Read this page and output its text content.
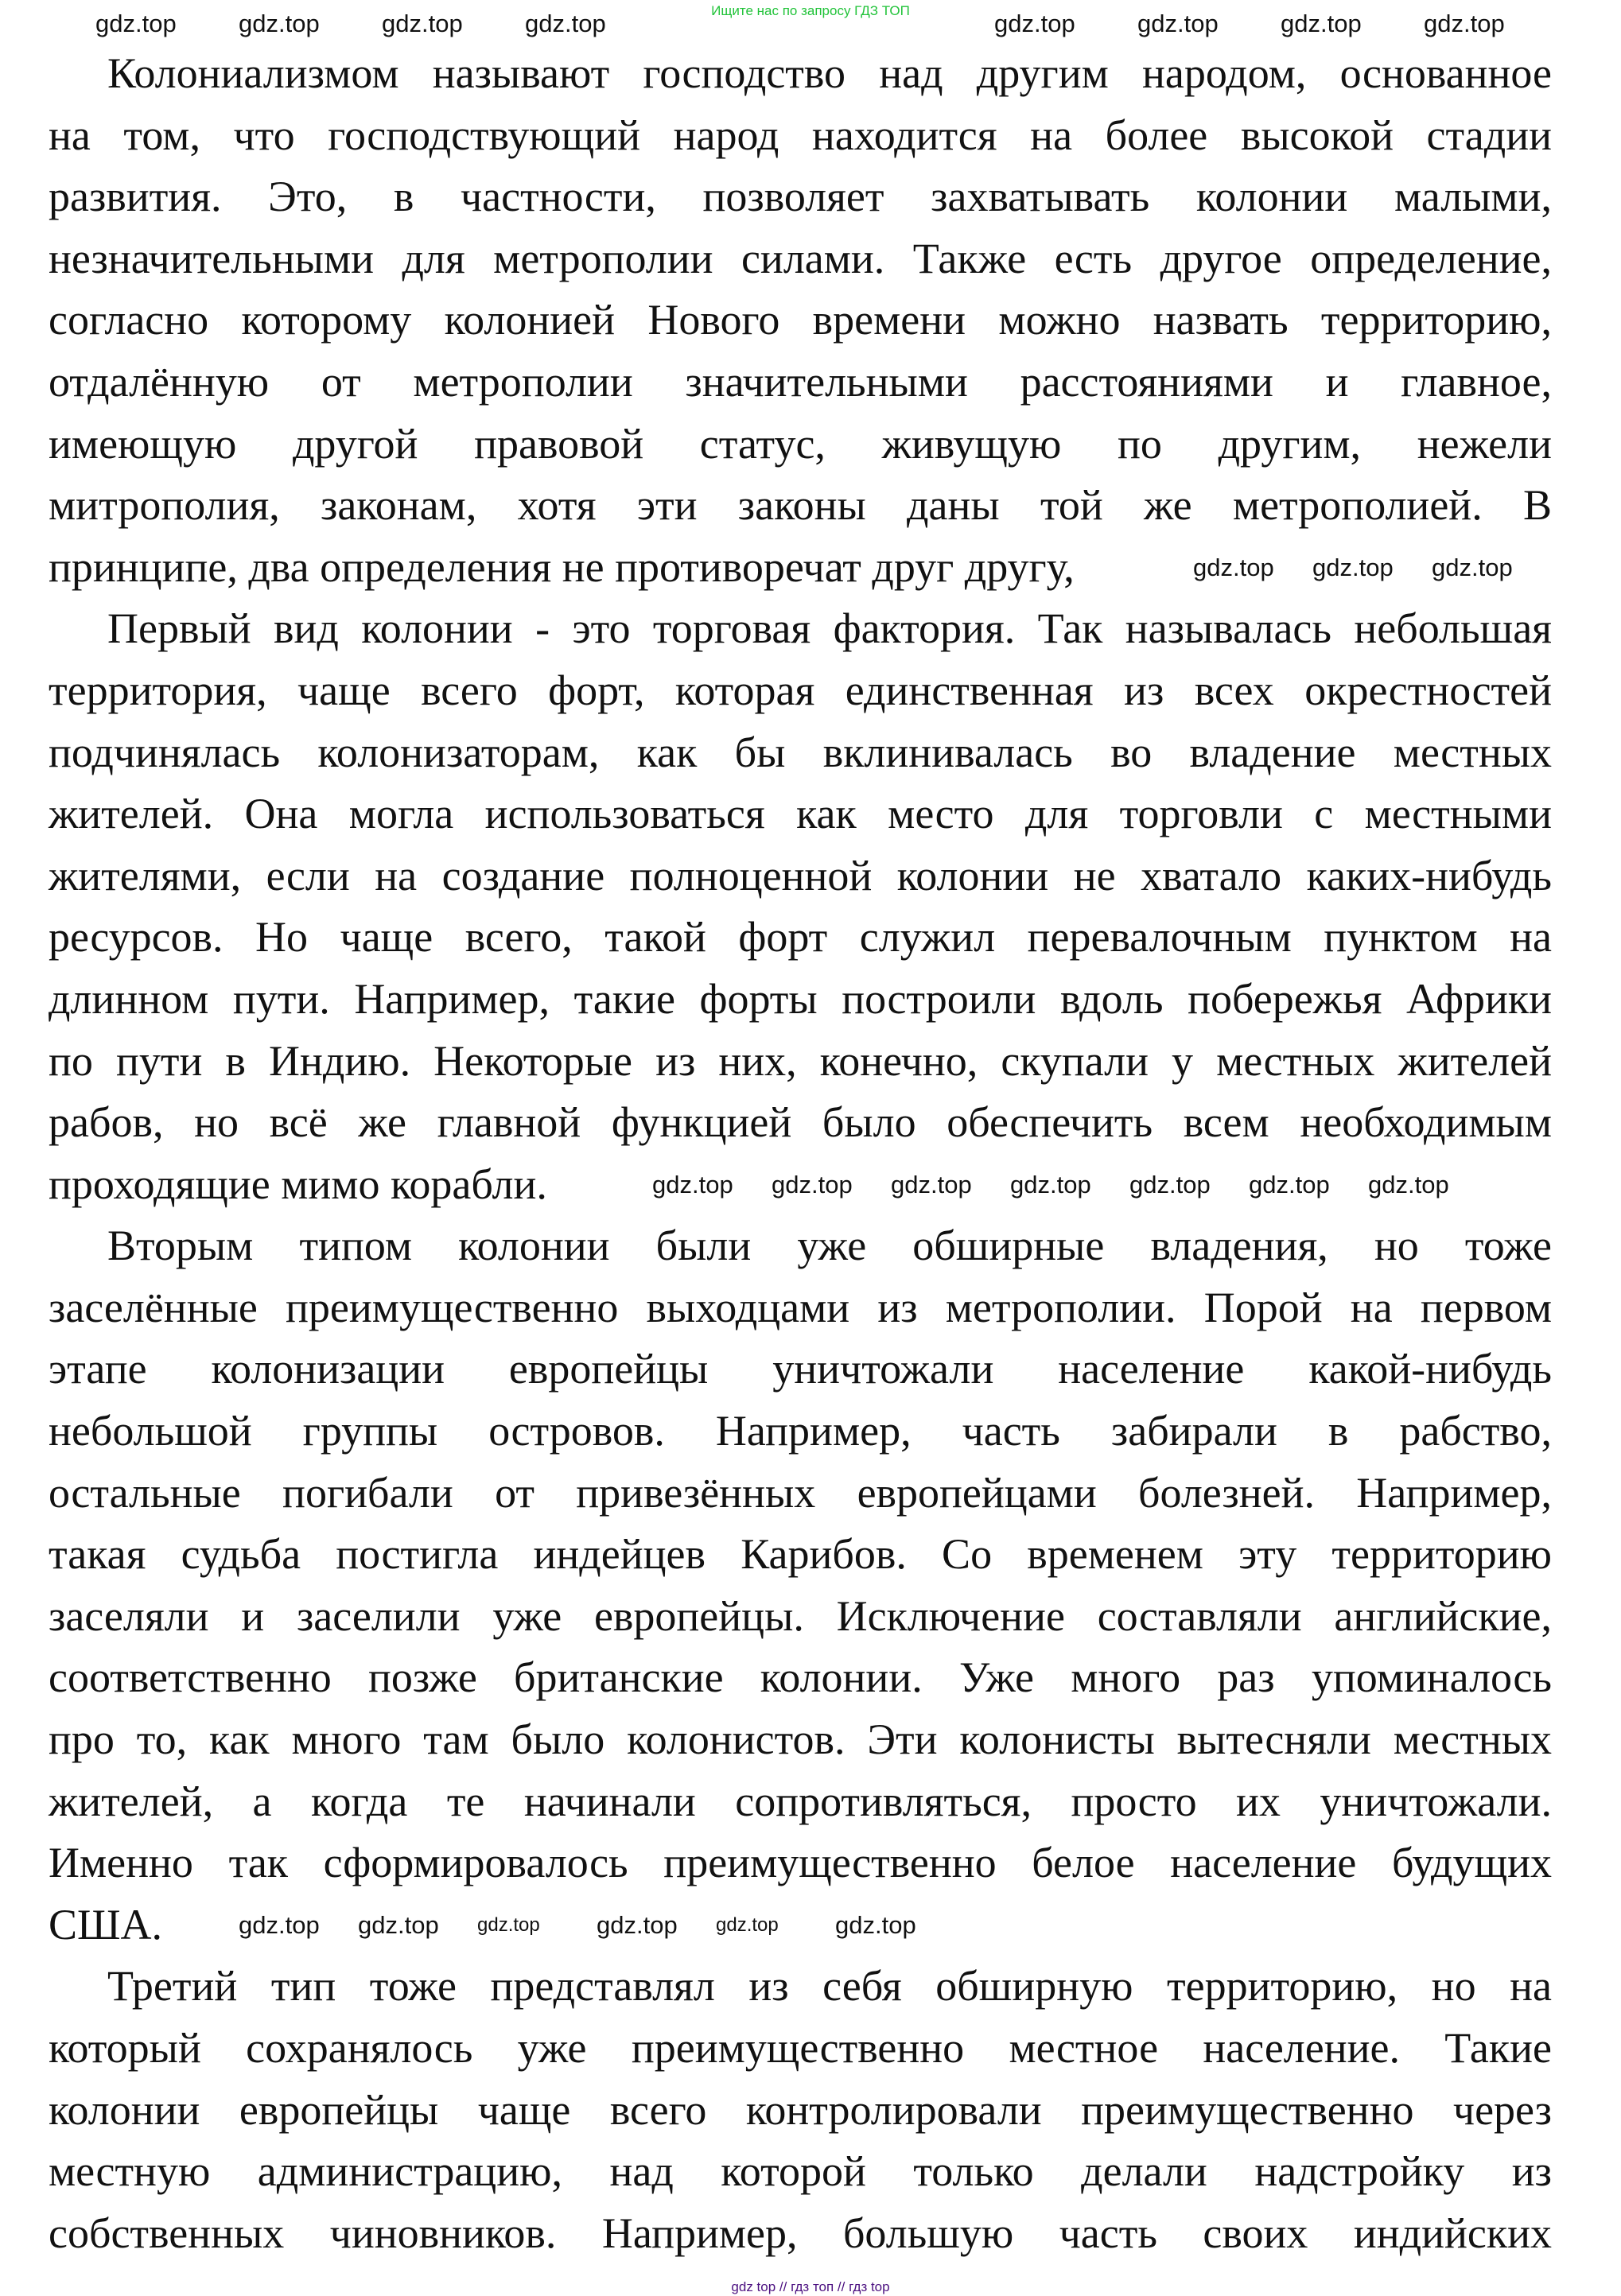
Ищите нас по запросу ГДЗ ТОП
Колониализмом называют господство над другим народом, основанное
на том, что господствующий народ находится на более высокой стадии
развития. Это, в частности, позволяет захватывать колонии малыми,
незначительными для метрополии силами. Также есть другое определение,
согласно которому колонией Нового времени можно назвать территорию,
отдалённую от метрополии значительными расстояниями и главное,
имеющую другой правовой статус, живущую по другим, нежели
митрополия, законам, хотя эти законы даны той же метрополией. В
принципе, два определения не противоречат друг другу,
Первый вид колонии - это торговая фактория. Так называлась небольшая
территория, чаще всего форт, которая единственная из всех окрестностей
подчинялась колонизаторам, как бы вклинивалась во владение местных
жителей. Она могла использоваться как место для торговли с местными
жителями, если на создание полноценной колонии не хватало каких-нибудь
ресурсов. Но чаще всего, такой форт служил перевалочным пунктом на
длинном пути. Например, такие форты построили вдоль побережья Африки
по пути в Индию. Некоторые из них, конечно, скупали у местных жителей
рабов, но всё же главной функцией было обеспечить всем необходимым
проходящие мимо корабли.
Вторым типом колонии были уже обширные владения, но тоже
заселённые преимущественно выходцами из метрополии. Порой на первом
этапе колонизации европейцы уничтожали население какой-нибудь
небольшой группы островов. Например, часть забирали в рабство,
остальные погибали от привезённых европейцами болезней. Например,
такая судьба постигла индейцев Карибов. Со временем эту территорию
заселяли и заселили уже европейцы. Исключение составляли английские,
соответственно позже британские колонии. Уже много раз упоминалось
про то, как много там было колонистов. Эти колонисты вытесняли местных
жителей, а когда те начинали сопротивляться, просто их уничтожали.
Именно так сформировалось преимущественно белое население будущих
США.
Третий тип тоже представлял из себя обширную территорию, но на
который сохранялось уже преимущественно местное население. Такие
колонии европейцы чаще всего контролировали преимущественно через
местную администрацию, над которой только делали надстройку из
собственных чиновников. Например, большую часть своих индийских
gdz.top	gdz.top	gdz.top	gdz.top	gdz.top	gdz.top	gdz.top	gdz.top
gdz.top gdz.top gdz.top
gdz.top gdz.top gdz.top gdz.top gdz.top gdz.top gdz.top
gdz.top gdz.top gdz.top gdz.top gdz.top gdz.top
gdz top // гдз топ // гдз top
